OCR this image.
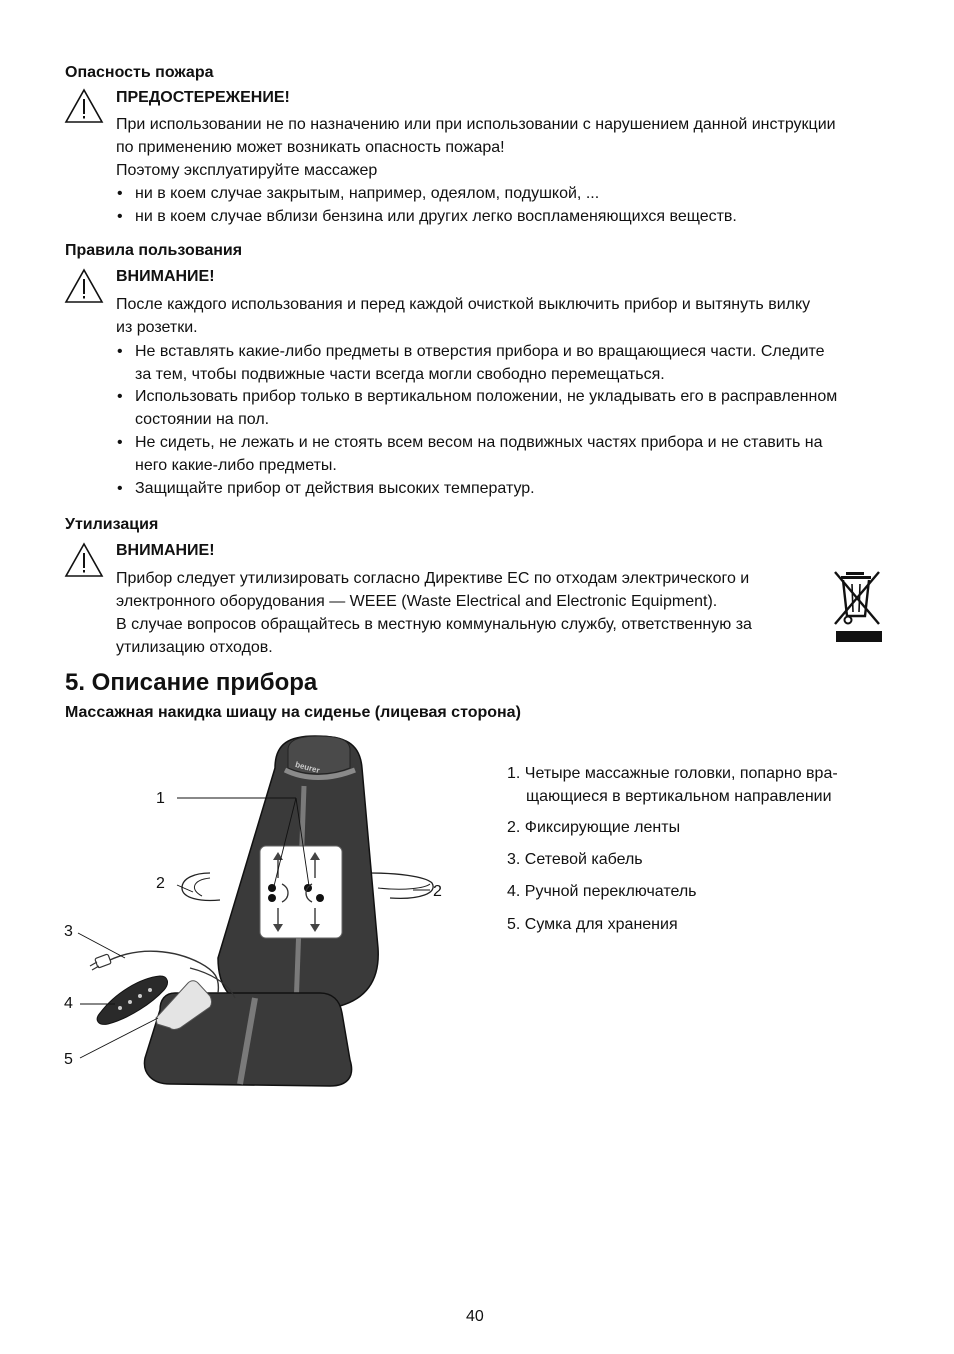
Опасность пожара
ПРЕДОСТЕРЕЖЕНИЕ!
При использовании не по назначению или при использовании с нарушением данной инструкции
по применению может возникать опасность пожара!
Поэтому эксплуатируйте массажер
• ни в коем случае закрытым, например, одеялом, подушкой, ...
• ни в коем случае вблизи бензина или других легко воспламеняющихся веществ.
Правила пользования
ВНИМАНИЕ!
После каждого использования и перед каждой очисткой выключить прибор и вытянуть вилку
из розетки.
• Не вставлять какие-либо предметы в отверстия прибора и во вращающиеся части. Следите
за тем, чтобы подвижные части всегда могли свободно перемещаться.
• Использовать прибор только в вертикальном положении, не укладывать его в расправленном
состоянии на пол.
• Не сидеть, не лежать и не стоять всем весом на подвижных частях прибора и не ставить на
него какие-либо предметы.
• Защищайте прибор от действия высоких температур.
Утилизация
ВНИМАНИЕ!
Прибор следует утилизировать согласно Директиве ЕС по отходам электрического и
электронного оборудования — WEEE (Waste Electrical and Electronic Equipment).
В случае вопросов обращайтесь в местную коммунальную службу, ответственную за
утилизацию отходов.
5. Описание прибора
Массажная накидка шиацу на сиденье (лицевая сторона)
beurer
1
2	2
3
4
5
1. Четыре массажные головки, попарно вра-
щающиеся в вертикальном направлении
2. Фиксирующие ленты
3. Сетевой кабель
4. Ручной переключатель
5. Сумка для хранения
40
